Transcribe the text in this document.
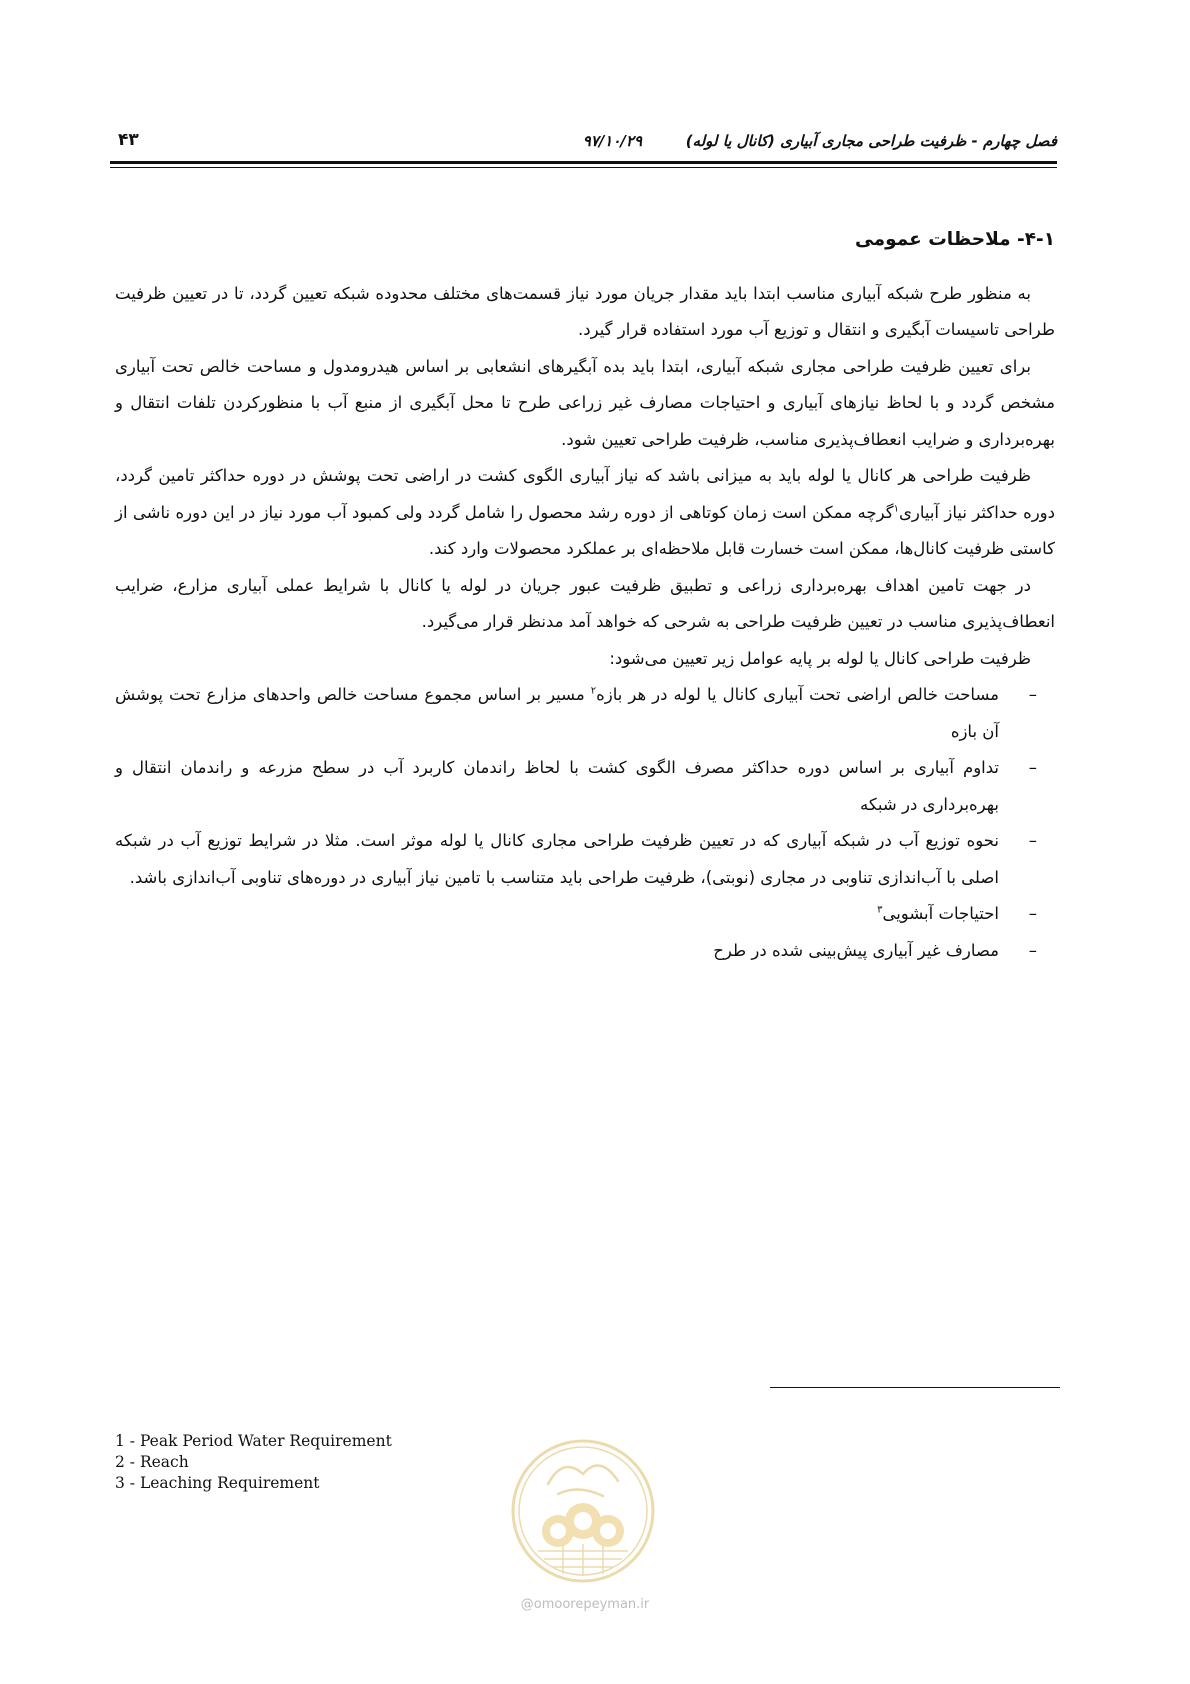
فصل چهارم - ظرفیت طراحی مجاری آبیاری (کانال یا لوله)
۹۷/۱۰/۲۹
۴۳
۴-۱- ملاحظات عمومی

به منظور طرح شبکه آبیاری مناسب ابتدا باید مقدار جریان مورد نیاز قسمت‌های مختلف محدوده شبکه تعیین گردد، تا در تعیین ظرفیت طراحی تاسیسات آبگیری و انتقال و توزیع آب مورد استفاده قرار گیرد.

برای تعیین ظرفیت طراحی مجاری شبکه آبیاری، ابتدا باید بده آبگیرهای انشعابی بر اساس هیدرومدول و مساحت خالص تحت آبیاری مشخص گردد و با لحاظ نیازهای آبیاری و احتیاجات مصارف غیر زراعی طرح تا محل آبگیری از منبع آب با منظورکردن تلفات انتقال و بهره‌برداری و ضرایب انعطاف‌پذیری مناسب، ظرفیت طراحی تعیین شود.

ظرفیت طراحی هر کانال یا لوله باید به میزانی باشد که نیاز آبیاری الگوی کشت در اراضی تحت پوشش در دوره حداکثر تامین گردد، دوره حداکثر نیاز آبیاری$^۱$گرچه ممکن است زمان کوتاهی از دوره رشد محصول را شامل گردد ولی کمبود آب مورد نیاز در این دوره ناشی از کاستی ظرفیت کانال‌ها، ممکن است خسارت قابل ملاحظه‌ای بر عملکرد محصولات وارد کند.

در جهت تامین اهداف بهره‌برداری زراعی و تطبیق ظرفیت عبور جریان در لوله یا کانال با شرایط عملی آبیاری مزارع، ضرایب انعطاف‌پذیری مناسب در تعیین ظرفیت طراحی به شرحی که خواهد آمد مدنظر قرار می‌گیرد.

ظرفیت طراحی کانال یا لوله بر پایه عوامل زیر تعیین می‌شود:

–
مساحت خالص اراضی تحت آبیاری کانال یا لوله در هر بازه$^۲$ مسیر بر اساس مجموع مساحت خالص واحدهای مزارع تحت پوشش آن بازه
–
تداوم آبیاری بر اساس دوره حداکثر مصرف الگوی کشت با لحاظ راندمان کاربرد آب در سطح مزرعه و راندمان انتقال و بهره‌برداری در شبکه
–
نحوه توزیع آب در شبکه آبیاری که در تعیین ظرفیت طراحی مجاری کانال یا لوله موثر است. مثلا در شرایط توزیع آب در شبکه اصلی با آب‌اندازی تناوبی در مجاری (نوبتی)، ظرفیت طراحی باید متناسب با تامین نیاز آبیاری در دوره‌های تناوبی آب‌اندازی باشد.
–
احتیاجات آبشویی$^۳$
–
مصارف غیر آبیاری پیش‌بینی شده در طرح
1 - Peak Period Water Requirement
2 - Reach
3 - Leaching Requirement
@omoorepeyman.ir
